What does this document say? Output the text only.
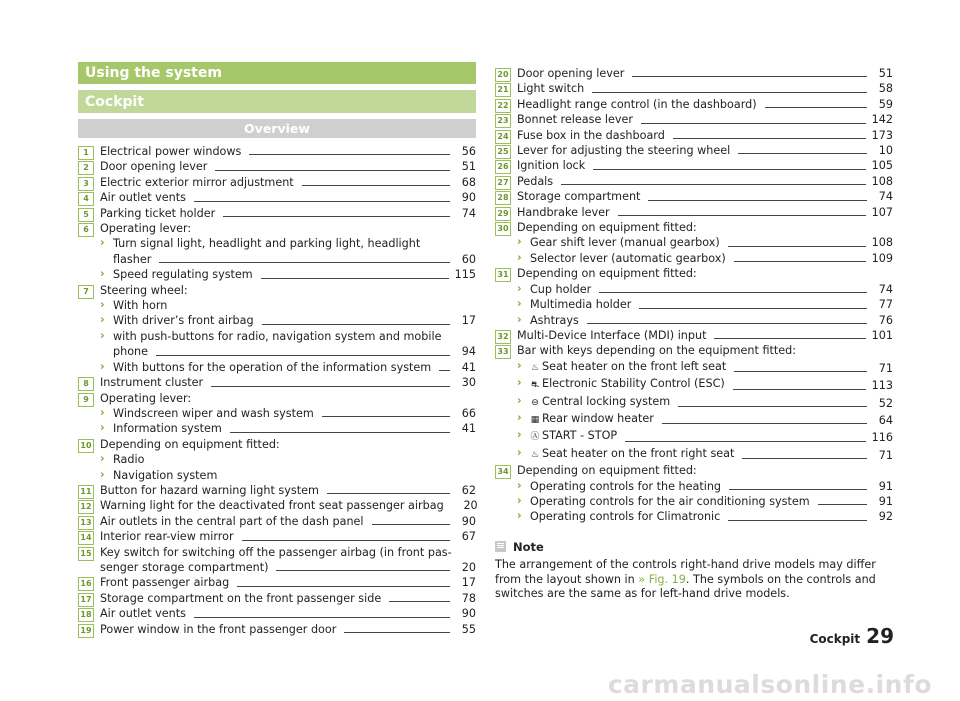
Using the system
Cockpit
Overview
1	Electrical power windows	56
2	Door opening lever	51
3	Electric exterior mirror adjustment	68
4	Air outlet vents	90
5	Parking ticket holder	74
6	Operating lever:
› Turn signal light, headlight and parking light, headlight
flasher	60
› Speed regulating system	115
7	Steering wheel:
› With horn
› With driver’s front airbag	17
› with push-buttons for radio, navigation system and mobile
phone	94
› With buttons for the operation of the information system	41
8	Instrument cluster	30
9	Operating lever:
› Windscreen wiper and wash system	66
› Information system	41
10 Depending on equipment fitted:
› Radio
› Navigation system
11 Button for hazard warning light system	62
12 Warning light for the deactivated front seat passenger airbag	20
13 Air outlets in the central part of the dash panel	90
14 Interior rear-view mirror	67
15 Key switch for switching off the passenger airbag (in front pas-
senger storage compartment)	20
16 Front passenger airbag	17
17 Storage compartment on the front passenger side	78
18 Air outlet vents	90
19 Power window in the front passenger door	55
20 Door opening lever	51
21 Light switch	58
22 Headlight range control (in the dashboard)	59
23 Bonnet release lever	142
24 Fuse box in the dashboard	173
25 Lever for adjusting the steering wheel	10
26 Ignition lock	105
27 Pedals	108
28 Storage compartment	74
29 Handbrake lever	107
30 Depending on equipment fitted:
› Gear shift lever (manual gearbox)	108
› Selector lever (automatic gearbox)	109
31 Depending on equipment fitted:
› Cup holder	74
› Multimedia holder	77
› Ashtrays	76
32 Multi-Device Interface (MDI) input	101
33 Bar with keys depending on the equipment fitted:
› ♨ Seat heater on the front left seat	71
› ⛐ Electronic Stability Control (ESC)	113
› ⊖ Central locking system	52
› ▦ Rear window heater	64
› Ⓐ START - STOP	116
› ♨ Seat heater on the front right seat	71
34 Depending on equipment fitted:
› Operating controls for the heating	91
› Operating controls for the air conditioning system	91
› Operating controls for Climatronic	92
Note
The arrangement of the controls right-hand drive models may differ from the layout shown in » Fig. 19. The symbols on the controls and switches are the same as for left-hand drive models.
Cockpit 29
carmanualsonline.info
